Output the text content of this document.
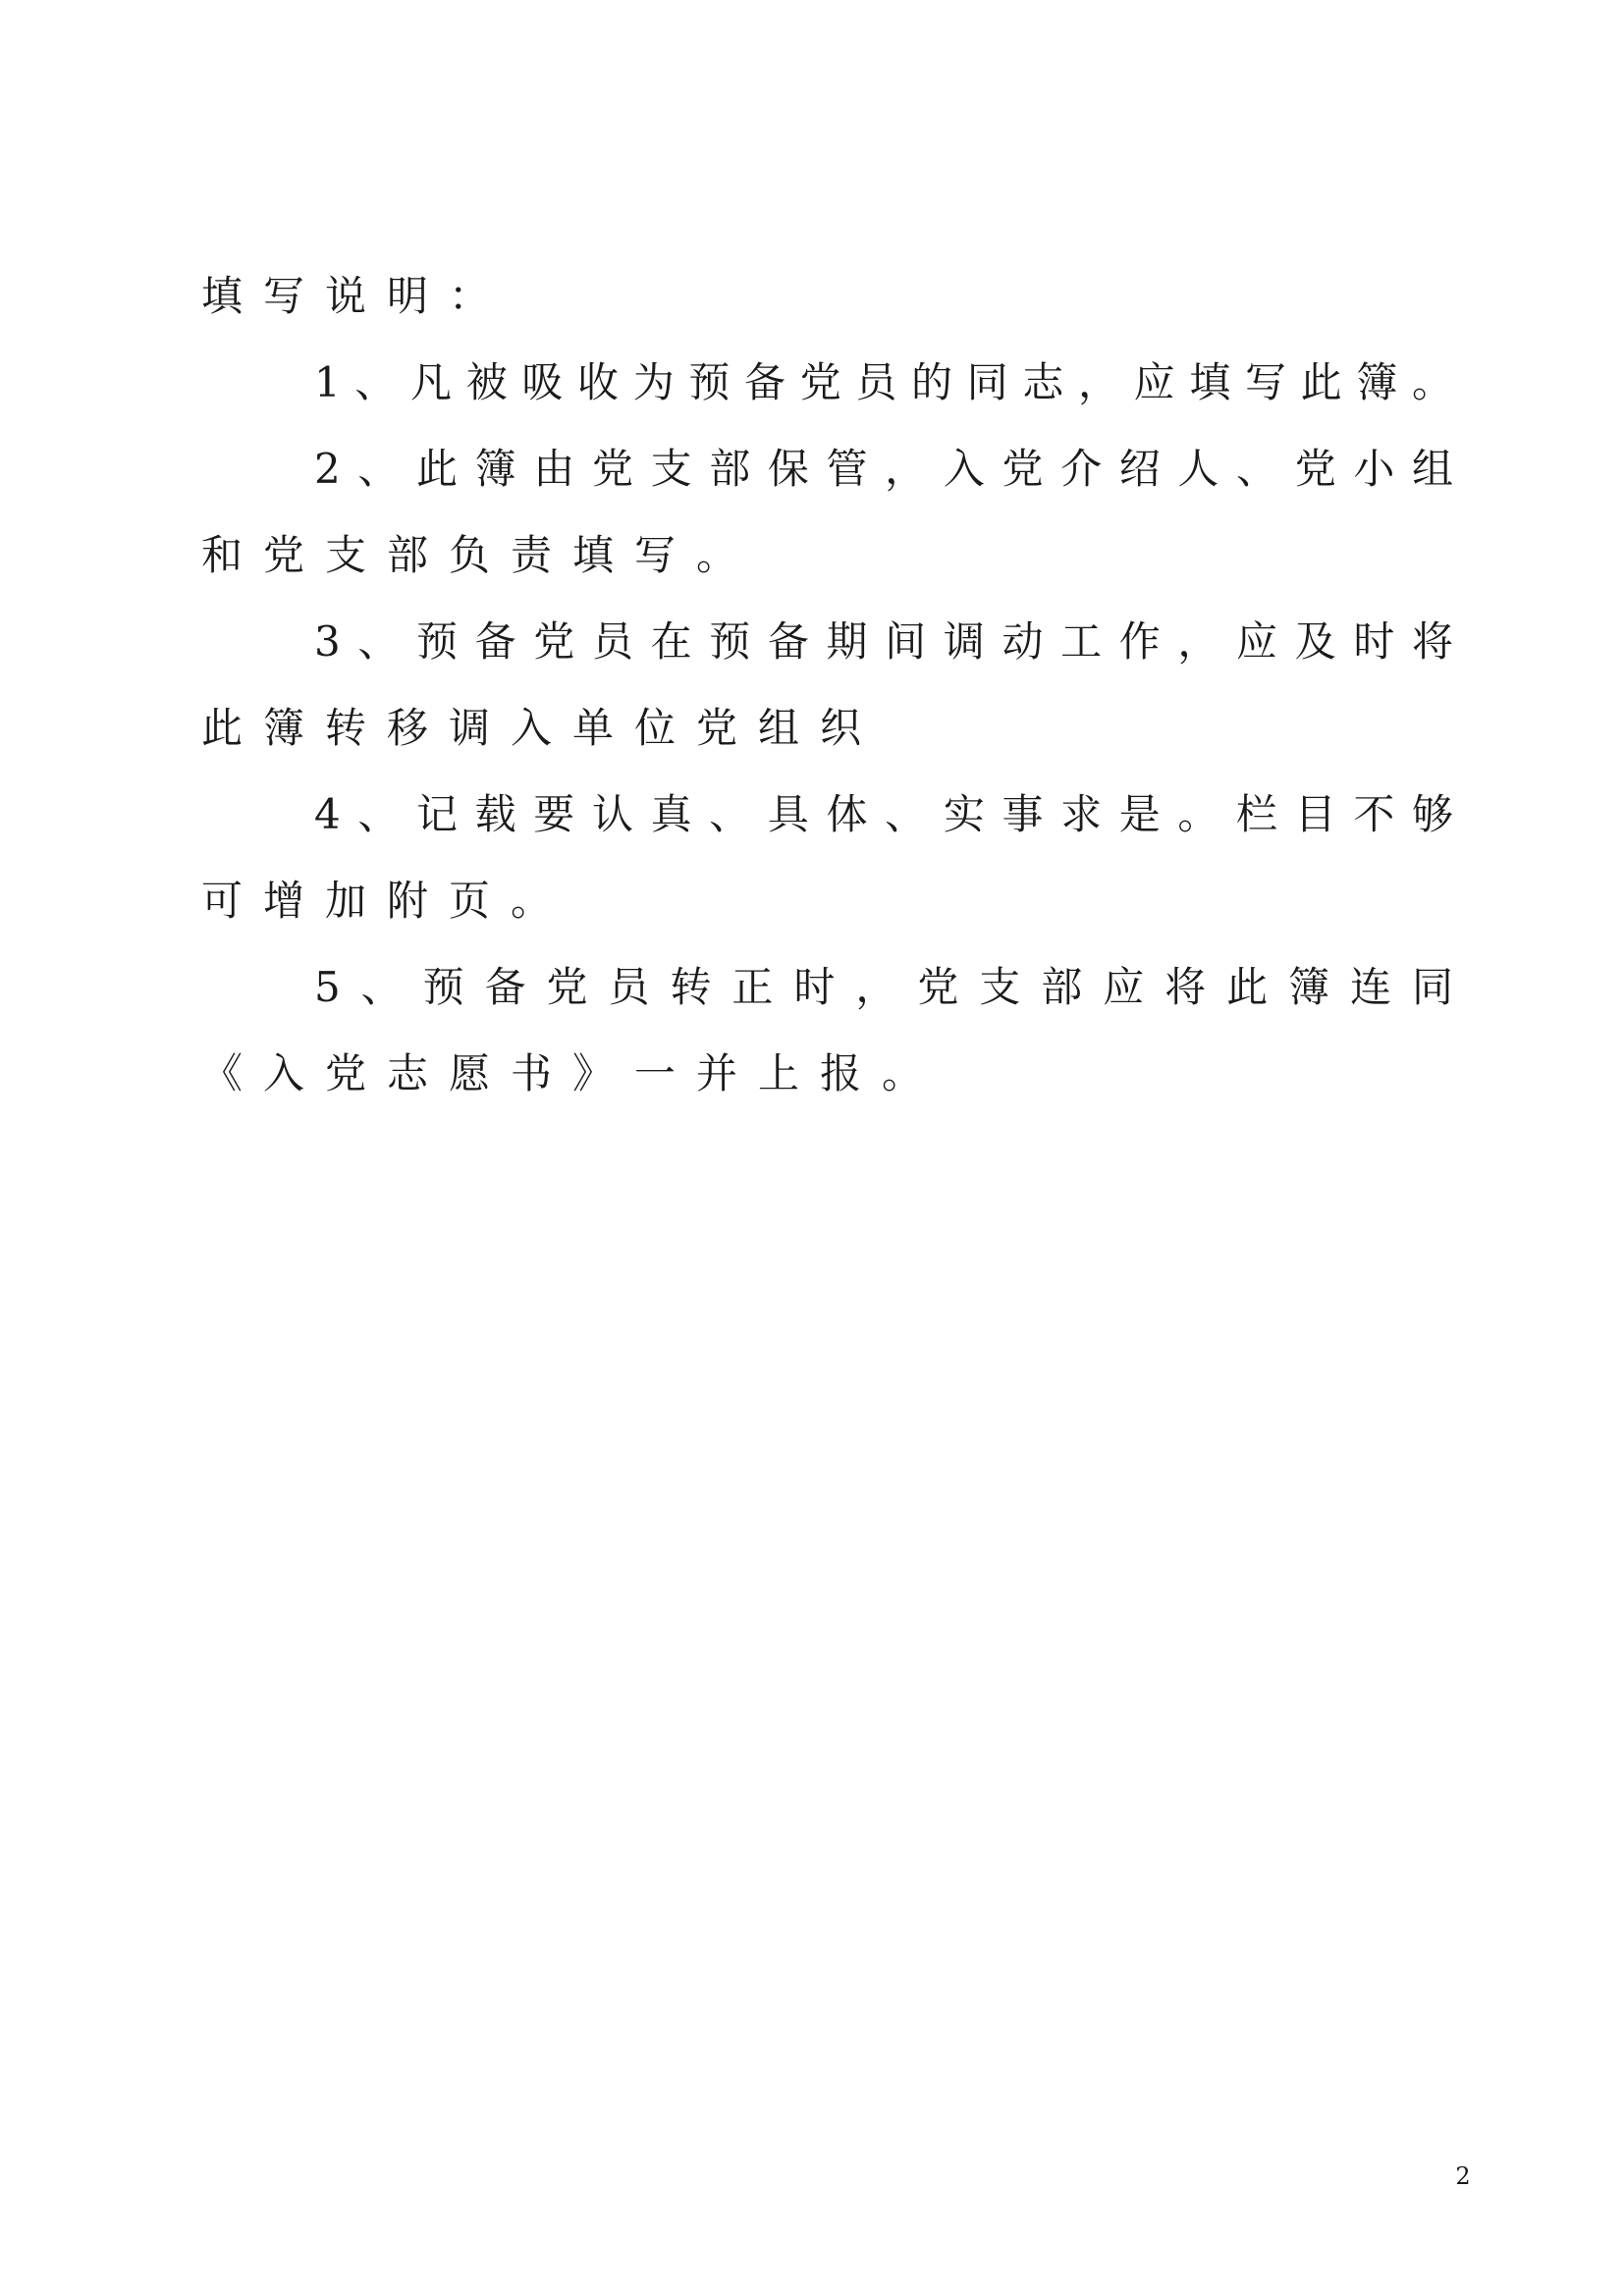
填写说明：
1、凡被吸收为预备党员的同志，应填写此簿。
2、此簿由党支部保管，入党介绍人、党小组
和党支部负责填写。
3、预备党员在预备期间调动工作，应及时将
此簿转移调入单位党组织
4、记载要认真、具体、实事求是。栏目不够
可增加附页。
5、预备党员转正时，党支部应将此簿连同
《入党志愿书》一并上报。
2
